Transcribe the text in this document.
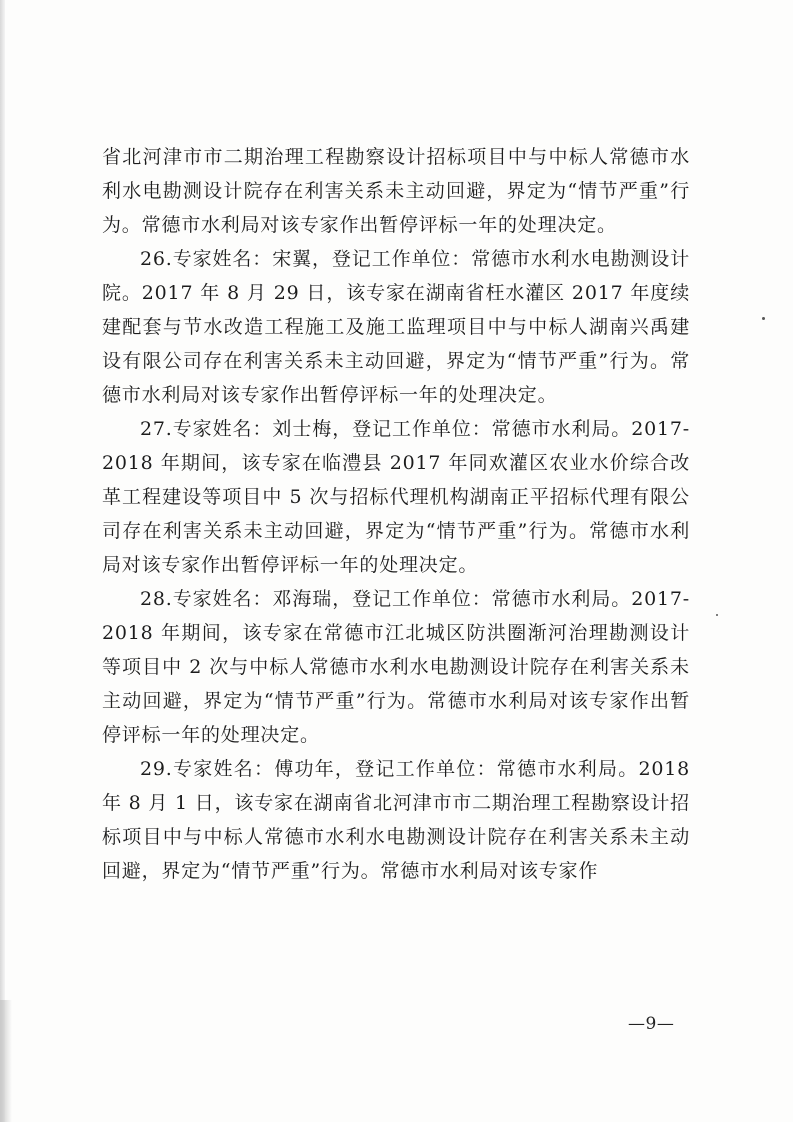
省北河津市市二期治理工程勘察设计招标项目中与中标人常德市水利水电勘测设计院存在利害关系未主动回避，界定为“情节严重”行为。常德市水利局对该专家作出暂停评标一年的处理决定。

26.专家姓名：宋翼，登记工作单位：常德市水利水电勘测设计院。2017 年 8 月 29 日，该专家在湖南省枉水灌区 2017 年度续建配套与节水改造工程施工及施工监理项目中与中标人湖南兴禹建设有限公司存在利害关系未主动回避，界定为“情节严重”行为。常德市水利局对该专家作出暂停评标一年的处理决定。

27.专家姓名：刘士梅，登记工作单位：常德市水利局。2017-2018 年期间，该专家在临澧县 2017 年同欢灌区农业水价综合改革工程建设等项目中 5 次与招标代理机构湖南正平招标代理有限公司存在利害关系未主动回避，界定为“情节严重”行为。常德市水利局对该专家作出暂停评标一年的处理决定。

28.专家姓名：邓海瑞，登记工作单位：常德市水利局。2017-2018 年期间，该专家在常德市江北城区防洪圈渐河治理勘测设计等项目中 2 次与中标人常德市水利水电勘测设计院存在利害关系未主动回避，界定为“情节严重”行为。常德市水利局对该专家作出暂停评标一年的处理决定。

29.专家姓名：傅功年，登记工作单位：常德市水利局。2018 年 8 月 1 日，该专家在湖南省北河津市市二期治理工程勘察设计招标项目中与中标人常德市水利水电勘测设计院存在利害关系未主动回避，界定为“情节严重”行为。常德市水利局对该专家作

—9—
